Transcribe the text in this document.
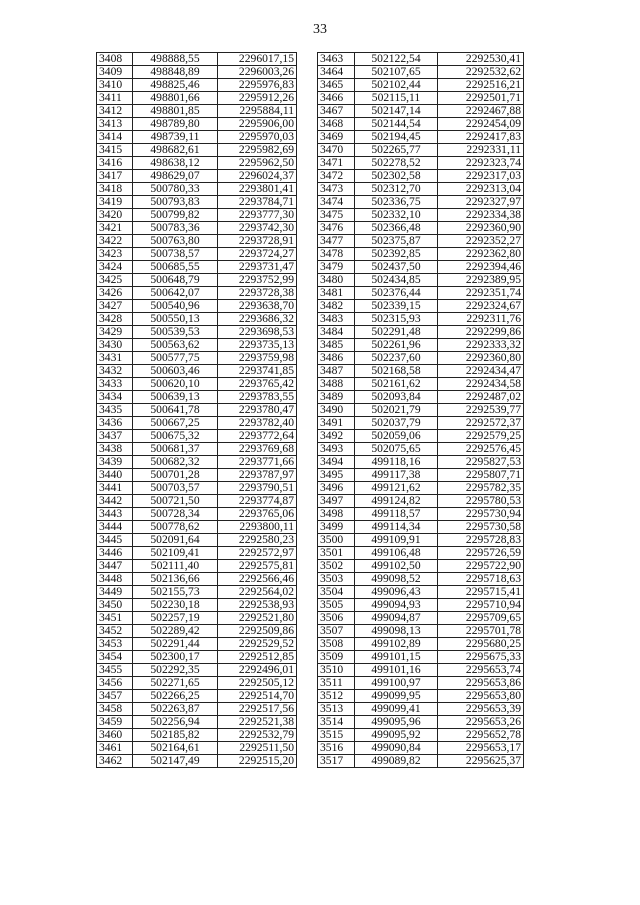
33
3408	498888,55	2296017,15
3409	498848,89	2296003,26
3410	498825,46	2295976,83
3411	498801,66	2295912,26
3412	498801,85	2295884,11
3413	498789,80	2295906,00
3414	498739,11	2295970,03
3415	498682,61	2295982,69
3416	498638,12	2295962,50
3417	498629,07	2296024,37
3418	500780,33	2293801,41
3419	500793,83	2293784,71
3420	500799,82	2293777,30
3421	500783,36	2293742,30
3422	500763,80	2293728,91
3423	500738,57	2293724,27
3424	500685,55	2293731,47
3425	500648,79	2293752,99
3426	500642,07	2293728,38
3427	500540,96	2293638,70
3428	500550,13	2293686,32
3429	500539,53	2293698,53
3430	500563,62	2293735,13
3431	500577,75	2293759,98
3432	500603,46	2293741,85
3433	500620,10	2293765,42
3434	500639,13	2293783,55
3435	500641,78	2293780,47
3436	500667,25	2293782,40
3437	500675,32	2293772,64
3438	500681,37	2293769,68
3439	500682,32	2293771,66
3440	500701,28	2293787,97
3441	500703,57	2293790,51
3442	500721,50	2293774,87
3443	500728,34	2293765,06
3444	500778,62	2293800,11
3445	502091,64	2292580,23
3446	502109,41	2292572,97
3447	502111,40	2292575,81
3448	502136,66	2292566,46
3449	502155,73	2292564,02
3450	502230,18	2292538,93
3451	502257,19	2292521,80
3452	502289,42	2292509,86
3453	502291,44	2292529,52
3454	502300,17	2292512,85
3455	502292,35	2292496,01
3456	502271,65	2292505,12
3457	502266,25	2292514,70
3458	502263,87	2292517,56
3459	502256,94	2292521,38
3460	502185,82	2292532,79
3461	502164,61	2292511,50
3462	502147,49	2292515,20
3463	502122,54	2292530,41
3464	502107,65	2292532,62
3465	502102,44	2292516,21
3466	502115,11	2292501,71
3467	502147,14	2292467,88
3468	502144,54	2292454,09
3469	502194,45	2292417,83
3470	502265,77	2292331,11
3471	502278,52	2292323,74
3472	502302,58	2292317,03
3473	502312,70	2292313,04
3474	502336,75	2292327,97
3475	502332,10	2292334,38
3476	502366,48	2292360,90
3477	502375,87	2292352,27
3478	502392,85	2292362,80
3479	502437,50	2292394,46
3480	502434,85	2292389,95
3481	502376,44	2292351,74
3482	502339,15	2292324,67
3483	502315,93	2292311,76
3484	502291,48	2292299,86
3485	502261,96	2292333,32
3486	502237,60	2292360,80
3487	502168,58	2292434,47
3488	502161,62	2292434,58
3489	502093,84	2292487,02
3490	502021,79	2292539,77
3491	502037,79	2292572,37
3492	502059,06	2292579,25
3493	502075,65	2292576,45
3494	499118,16	2295827,53
3495	499117,38	2295807,71
3496	499121,62	2295782,35
3497	499124,82	2295780,53
3498	499118,57	2295730,94
3499	499114,34	2295730,58
3500	499109,91	2295728,83
3501	499106,48	2295726,59
3502	499102,50	2295722,90
3503	499098,52	2295718,63
3504	499096,43	2295715,41
3505	499094,93	2295710,94
3506	499094,87	2295709,65
3507	499098,13	2295701,78
3508	499102,89	2295680,25
3509	499101,15	2295675,33
3510	499101,16	2295653,74
3511	499100,97	2295653,86
3512	499099,95	2295653,80
3513	499099,41	2295653,39
3514	499095,96	2295653,26
3515	499095,92	2295652,78
3516	499090,84	2295653,17
3517	499089,82	2295625,37
